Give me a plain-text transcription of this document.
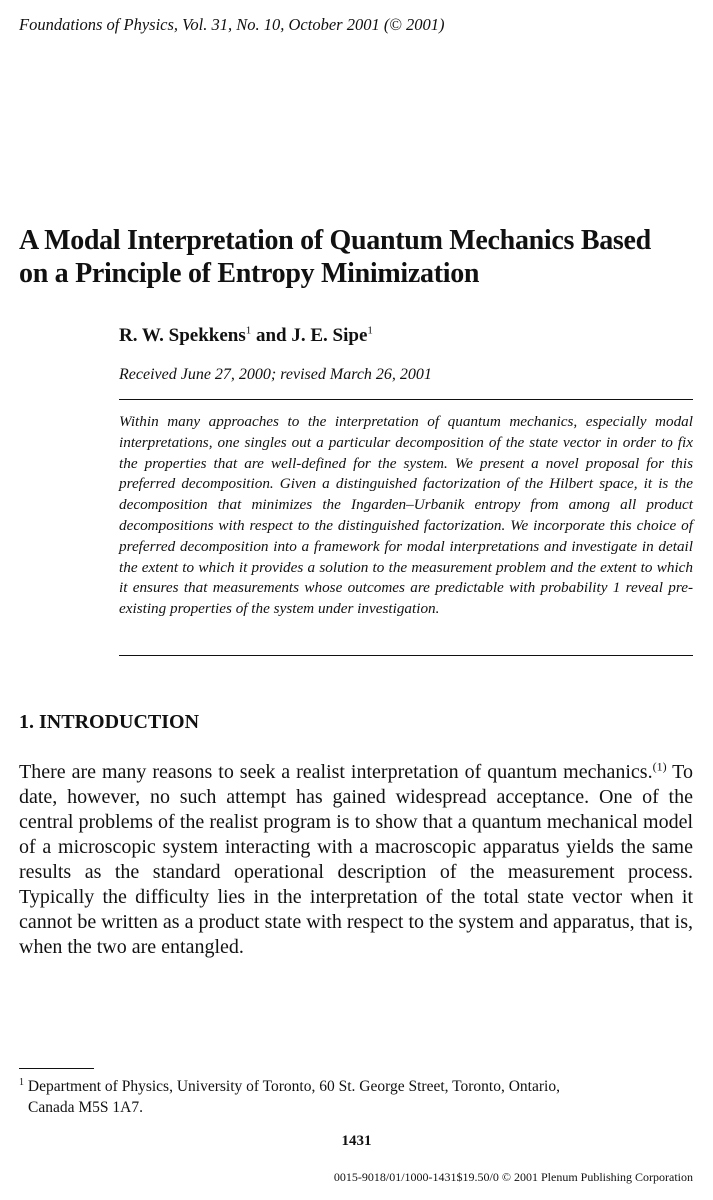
Foundations of Physics, Vol. 31, No. 10, October 2001 (© 2001)
A Modal Interpretation of Quantum Mechanics Based
on a Principle of Entropy Minimization
R. W. Spekkens$^1$ and J. E. Sipe$^1$
Received June 27, 2000; revised March 26, 2001
Within many approaches to the interpretation of quantum mechanics, especially modal interpretations, one singles out a particular decomposition of the state vector in order to fix the properties that are well-defined for the system. We present a novel proposal for this preferred decomposition. Given a distinguished factorization of the Hilbert space, it is the decomposition that minimizes the Ingarden–Urbanik entropy from among all product decompositions with respect to the distinguished factorization. We incorporate this choice of preferred decomposition into a framework for modal interpretations and investigate in detail the extent to which it provides a solution to the measurement problem and the extent to which it ensures that measurements whose outcomes are predictable with probability 1 reveal pre-existing properties of the system under investigation.
1. INTRODUCTION
There are many reasons to seek a realist interpretation of quantum mechanics.$^{(1)}$ To date, however, no such attempt has gained widespread acceptance. One of the central problems of the realist program is to show that a quantum mechanical model of a microscopic system interacting with a macroscopic apparatus yields the same results as the standard operational description of the measurement process. Typically the difficulty lies in the interpretation of the total state vector when it cannot be written as a product state with respect to the system and apparatus, that is, when the two are entangled.
$^1$ Department of Physics, University of Toronto, 60 St. George Street, Toronto, Ontario,
Canada M5S 1A7.
1431
0015-9018/01/1000-1431$19.50/0 © 2001 Plenum Publishing Corporation
